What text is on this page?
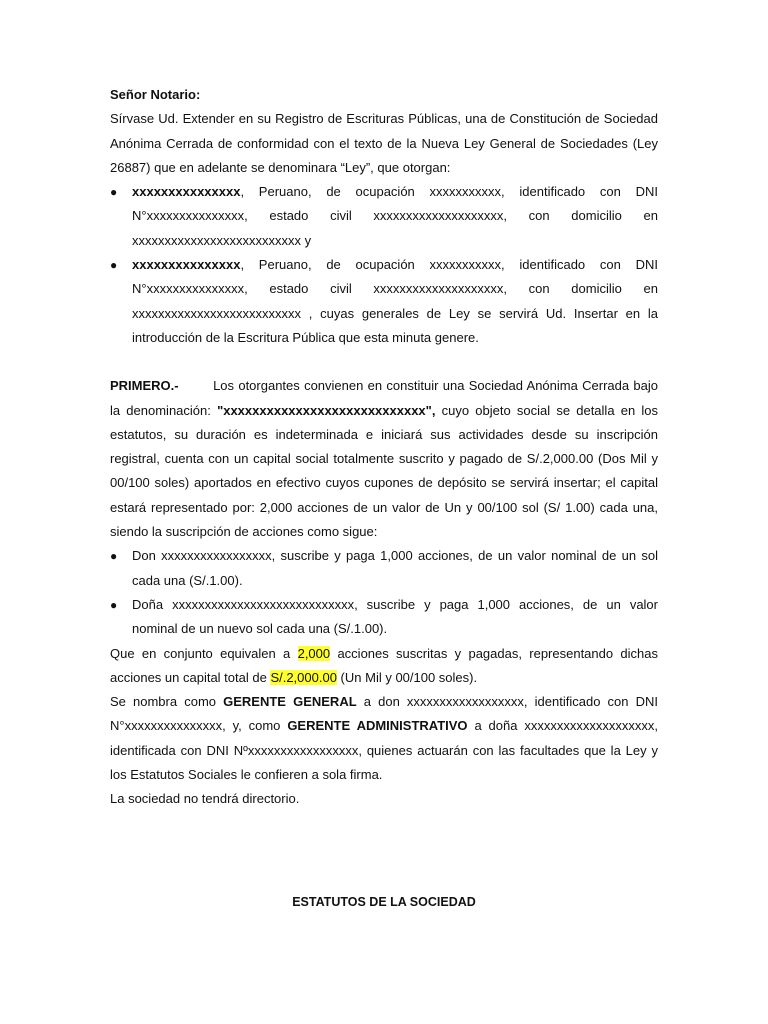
Señor Notario:
Sírvase Ud. Extender en su Registro de Escrituras Públicas, una de Constitución de Sociedad Anónima Cerrada de conformidad con el texto de la Nueva Ley General de Sociedades (Ley 26887) que en adelante se denominara “Ley”, que otorgan:
● xxxxxxxxxxxxxxx, Peruano, de ocupación xxxxxxxxxxx, identificado con DNI N°xxxxxxxxxxxxxxx, estado civil xxxxxxxxxxxxxxxxxxxx, con domicilio en xxxxxxxxxxxxxxxxxxxxxxxxxx y
● xxxxxxxxxxxxxxx, Peruano, de ocupación xxxxxxxxxxx, identificado con DNI N°xxxxxxxxxxxxxxx, estado civil xxxxxxxxxxxxxxxxxxxx, con domicilio en xxxxxxxxxxxxxxxxxxxxxxxxxx , cuyas generales de Ley se servirá Ud. Insertar en la introducción de la Escritura Pública que esta minuta genere.
PRIMERO.-	Los otorgantes convienen en constituir una Sociedad Anónima Cerrada bajo la denominación: "xxxxxxxxxxxxxxxxxxxxxxxxxxxx", cuyo objeto social se detalla en los estatutos, su duración es indeterminada e iniciará sus actividades desde su inscripción registral, cuenta con un capital social totalmente suscrito y pagado de S/.2,000.00 (Dos Mil y 00/100 soles) aportados en efectivo cuyos cupones de depósito se servirá insertar; el capital estará representado por: 2,000 acciones de un valor de Un y 00/100 sol (S/ 1.00) cada una, siendo la suscripción de acciones como sigue:
● Don xxxxxxxxxxxxxxxxx, suscribe y paga 1,000 acciones, de un valor nominal de un sol cada una (S/.1.00).
● Doña xxxxxxxxxxxxxxxxxxxxxxxxxxxx, suscribe y paga 1,000 acciones, de un valor nominal de un nuevo sol cada una (S/.1.00).
Que en conjunto equivalen a 2,000 acciones suscritas y pagadas, representando dichas acciones un capital total de S/.2,000.00 (Un Mil y 00/100 soles).
Se nombra como GERENTE GENERAL a don xxxxxxxxxxxxxxxxxx, identificado con DNI N°xxxxxxxxxxxxxxx, y, como GERENTE ADMINISTRATIVO a doña xxxxxxxxxxxxxxxxxxxx, identificada con DNI Nºxxxxxxxxxxxxxxxxx, quienes actuarán con las facultades que la Ley y los Estatutos Sociales le confieren a sola firma.
La sociedad no tendrá directorio.
ESTATUTOS DE LA SOCIEDAD
